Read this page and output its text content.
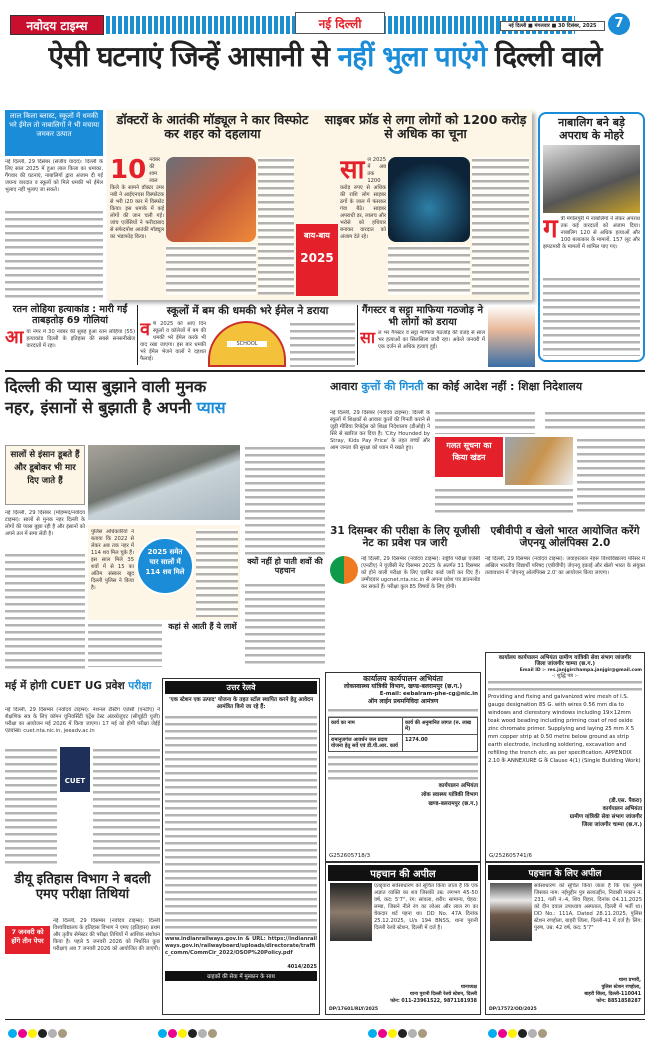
नवोदय टाइम्स	नई दिल्ली	नई दिल्ली ■ मंगलवार ■ 30 दिसंबर, 2025	7
ऐसी घटनाएं जिन्हें आसानी से नहीं भुला पाएंगे दिल्ली वाले
लाल किला ब्लास्ट, स्कूलों में धमकी भरे ईमेल तो नाबालिगों ने भी मचाया जमकर उत्पात
नई दिल्ली, 29 दिसंबर (संजीव यादव): दिल्ली के लिए साल 2025 में हुआ लाल किला का धमाका, गैंगवार की घटनाएं, नाबालिगों द्वारा अंजाम दी गई जघन्य वारदात व स्कूलों को मिले धमकी भरे ईमेल भुलाए नहीं भुलाए जा सकते।
डॉक्टरों के आतंकी मॉड्यूल ने कार विस्फोट कर शहर को दहलाया
10 नवंबर की शाम लाल किले के सामने डॉक्टर उमर नबी ने आईएनएस विस्फोटक से भरी i20 कार में विस्फोट किया। इस धमाके में कई लोगों की जान चली गई। जांच एजेंसियों ने फरीदाबाद से सफेदपोश आतंकी मॉड्यूल का भंडाफोड़ किया।
साइबर फ्रॉड से लगा लोगों को 1200 करोड़ से अधिक का चूना
साल 2025 में अब तक 1200 करोड़ रुपए से अधिक की राशि लोग साइबर ठगों के जाल में फंसकर गंवा बैठे। साइबर अपराधी डर, लालच और भरोसे को हथियार बनाकर वारदात को अंजाम देते रहे।
बाय-बाय
2025
नाबालिग बने बड़े अपराध के मोहरे
गत्री मंगोलपुरी में नाबालिगों ने लेकर अपराध तक कई वारदातों को अंजाम दिया। नाबालिग 120 से अधिक हत्याओं और 100 बलात्कार के मामलों, 157 लूट और झपटमारी के मामलों में शामिल पाए गए।
रतन लोहिया हत्याकांड : मारी गईं ताबड़तोड़ 69 गोलियां
आया नगर में 30 नवंबर की सुबह हुआ रतन लोहिया (55) हत्याकांड दिल्ली के इतिहास की सबसे सनसनीखेज वारदातों में रहा।
स्कूलों में बम की धमकी भरे ईमेल ने डराया
वर्ष 2025 को आए दिन स्कूलों व कॉलेजों में बम की धमकी भरे ईमेल करके भी याद रखा जाएगा। इस बार धमकी भरे ईमेल भेजने वालों ने दहशत फैलाई।
SCHOOL
गैंगस्टर व सट्टा माफिया गठजोड़ ने भी लोगों को डराया
साल भर गैंगस्टर व सट्टा माफिया गठजोड़ की वजह से साल भर हत्याओं का सिलसिला जारी रहा। अकेले जनवरी में एक दर्जन से अधिक हत्याएं हुईं।
दिल्ली की प्यास बुझाने वाली मुनक
नहर, इंसानों से बुझाती है अपनी प्यास
सालों से इंसान डूबते हैं और डूबोकर भी मार दिए जाते हैं
नई दिल्ली, 29 दिसंबर (मोहम्मद/नवोदय टाइम्स): सालों से मुनक नहर दिल्ली के लोगों की प्यास बुझा रही है और इंसानों को अपने तल में समा लेती है।	पुलिस अधिकारियों ने बताया कि 2022 से लेकर अब तक नहर में 114 शव मिल चुके हैं। इस साल मिले 35 शवों में से 15 का अंतिम संस्कार खुद दिल्ली पुलिस ने किया है।
2025 समेत चार सालों में 114 शव मिले
क्यों नहीं हो पाती शवों की पहचान
कहां से आती हैं ये लाशें
आवारा कुत्तों की गिनती का कोई आदेश नहीं : शिक्षा निदेशालय
नई दिल्ली, 29 दिसंबर (नवोदय टाइम्स): दिल्ली के स्कूलों में शिक्षकों से आवारा कुत्तों की गिनती कराने से जुड़ी मीडिया रिपोर्ट्स को शिक्षा निदेशालय (डीओई) ने सिरे से खारिज कर दिया है। 'City Hounded by Stray, Kids Pay Price' के तहत बच्चों और आम जनता की सुरक्षा को ध्यान में रखते हुए।	गलत सूचना का किया खंडन
31 दिसम्बर की परीक्षा के लिए यूजीसी नेट का प्रवेश पत्र जारी
नई दिल्ली, 29 दिसम्बर (नवोदय टाइम्स): राष्ट्रीय परीक्षा एजेंसी (एनटीए) ने यूजीसी नेट दिसम्बर 2025 के अंतर्गत 31 दिसम्बर को होने वाली परीक्षा के लिए एडमिट कार्ड जारी कर दिए हैं। उम्मीदवार ugcnet.nta.nic.in से अपना प्रवेश पत्र डाउनलोड कर सकते हैं। परीक्षा कुल 85 विषयों के लिए होगी।
एबीवीपी व खेलो भारत आयोजित करेंगे जेएनयू ओलंपिक्स 2.0
नई दिल्ली, 29 दिसम्बर (नवोदय टाइम्स): जवाहरलाल नेहरू विश्वविद्यालय परिसर में अखिल भारतीय विद्यार्थी परिषद (एबीवीपी) जेएनयू इकाई और खेलो भारत के संयुक्त तत्वावधान में 'जेएनयू ओलंपिक्स 2.0' का आयोजन किया जाएगा।
मई में होगी CUET UG प्रवेश परीक्षा
नई दिल्ली, 29 दिसम्बर (नवोदय टाइम्स): नेशनल टेस्टिंग एजेंसी (एनटीए) ने शैक्षणिक सत्र के लिए कॉमन यूनिवर्सिटी एंट्रेंस टेस्ट अंडरग्रेजुएट (सीयूईटी यूजी) परीक्षा का आयोजन मई 2026 में किया जाएगा। 17 मई को होगी परीक्षा जेईई एडवांस्ड। cuet.nta.nic.in, jeeadv.ac.in
CUET
डीयू इतिहास विभाग ने बदली एमए परीक्षा तिथियां
7 जनवरी को होंगे तीन पेपर
नई दिल्ली, 29 दिसम्बर (नवोदय टाइम्स): दिल्ली विश्वविद्यालय के इतिहास विभाग ने एमए (इतिहास) प्रथम और तृतीय सेमेस्टर की परीक्षा तिथियों में आंशिक संशोधन किया है। पहले 5 जनवरी 2026 को निर्धारित कुछ परीक्षाएं अब 7 जनवरी 2026 को आयोजित की जाएंगी।
उत्तर रेलवे
'एक स्टेशन एक उत्पाद' योजना के तहत स्टॉल स्थापित करने हेतु आवेदन आमंत्रित किये जा रहे हैं:
www.indianrailways.gov.in & URL: https://indianrailways.gov.in/railwayboard/uploads/directorate/traffic_comm/CommCir_2022/OSOP%20Policy.pdf
4014/2025
ग्राहकों की सेवा में मुस्कान के साथ
कार्यालय कार्यपालन अभियंता
लोकस्वास्थ्य यांत्रिकी विभाग, खण्ड-बलरामपुर (छ.ग.)
E-mail: eebalram-phe-cg@nic.in
ऑन लाईन प्रथमनिविदा आमंत्रण
कार्य का नाम	कार्य की अनुमानित लागत (रु. लाख में)
रामानुजगंज आवर्धन जल प्रदाय योजना हेतु सर्वे एवं डी.पी.आर. कार्य
1274.00
कार्यपालन अभियंता
लोक स्वास्थ्य यांत्रिकी विभाग
खण्ड-बलरामपुर (छ.ग.)
G252605718/3
कार्यालय कार्यपालन अभियंता ग्रामीण यांत्रिकी सेवा संभाग जांजगीर
जिला जांजगीर चाम्पा (छ.ग.)
Email ID :- res.janjgirchampa.janjgir@gmail.com
-: शुद्धि पत्र :-
Providing and fixing and galvanized wire mesh of I.S. gauge designation 85 G. with wires 0.56 mm dia to windows and clerestory windows including 19×12mm teak wood beading including priming coat of red oxide zinc chromate primer. Supplying and laying 25 mm X 5 mm copper strip at 0.50 metre below ground as strip earth electrode, including soldering, excavation and refilling the trench etc. as per specification. APPENDIX 2.10 के ANNEXURE G के Clause 4(1) (Single Building Work)
(डी.एस. पैकरा)
कार्यपालन अभियंता
ग्रामीण यांत्रिकी सेवा संभाग जांजगीर
जिला जांजगीर चाम्पा (छ.ग.)
G/252605741/6
पहचान की अपील
एतद्द्वारा सर्वसाधारण को सूचित किया जाता है कि एक अज्ञात व्यक्ति का शव जिसकी उम्र: लगभग 45-50 वर्ष, कद: 5'7", रंग: सांवला, शरीर: सामान्य, चेहरा: लम्बा, जिसने नीले रंग का लोअर और लाल रंग का चेकदार शर्ट पहना था। DD No. 47A दिनांक 25.12.2025, U/s 194 BNSS, थाना पुरानी दिल्ली रेलवे स्टेशन, दिल्ली में दर्ज है।
थानाध्यक्ष
थाना पुरानी दिल्ली रेलवे स्टेशन, दिल्ली
फोन: 011-23961522, 9871181938
DP/17601/RLY/2025
पहचान के लिए अपील
सर्वसाधारण को सूचित किया जाता है कि एक पुरुष जिसका नाम: नईमुद्दीन पुत्र सलाउद्दीन, निवासी मकान नं. 231, गली नं.-4, शिव विहार, दिनांक 04.11.2025 को दीन दयाल उपाध्याय अस्पताल, दिल्ली में भर्ती था। DD No.: 111A, Dated 28.11.2025, पुलिस स्टेशन रणहोला, बाहरी जिला, दिल्ली-41 में दर्ज है। लिंग: पुरुष, उम्र: 42 वर्ष, कद: 5'7"
थाना प्रभारी,
पुलिस स्टेशन रणहोला,
बाहरी जिला, दिल्ली-110041
फोन: 8851858287
DP/17572/OD/2025
